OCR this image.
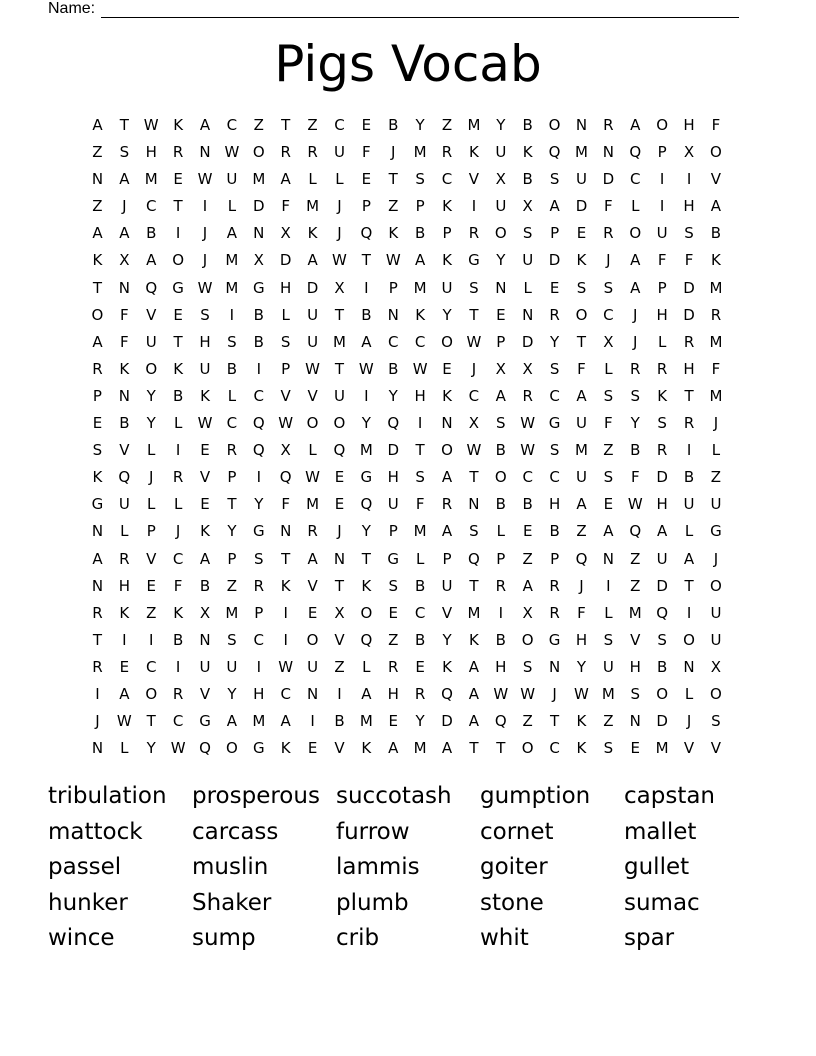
Name:
Pigs Vocab
A	T W K	A	C	Z	T	Z	C	E	B	Y	Z	M	Y	B	O	N	R	A	O	H	F
Z	S	H	R	N W O	R	R	U	F	J	M	R	K	U	K	Q M N	Q	P	X	O
N	A	M	E W U M	A	L	L	E	T	S	C	V	X	B	S	U	D	C	I	I	V
Z	J	C	T	I	L	D	F	M	J	P	Z	P	K	I	U	X	A	D	F	L	I	H	A
A	A	B	I	J	A	N	X	K	J	Q	K	B	P	R	O	S	P	E	R	O	U	S	B
K	X	A	O	J	M	X	D	A W T W A	K	G	Y	U	D	K	J	A	F	F	K
T	N	Q	G W M G	H	D	X	I	P	M U	S	N	L	E	S	S	A	P	D M
O	F	V	E	S	I	B	L	U	T	B	N	K	Y	T	E	N	R	O	C	J	H	D	R
A	F	U	T	H	S	B	S	U M	A	C	C	O W P	D	Y	T	X	J	L	R	M
R	K	O	K	U	B	I	P W T W B W E	J	X	X	S	F	L	R	R	H	F
P	N	Y	B	K	L	C	V	V	U	I	Y	H	K	C	A	R	C	A	S	S	K	T	M
E	B	Y	L	W C	Q W O	O	Y	Q	I	N	X	S W G	U	F	Y	S	R	J
S	V	L	I	E	R	Q	X	L	Q M D	T	O W B W S	M	Z	B	R	I	L
K	Q	J	R	V	P	I	Q W E	G	H	S	A	T	O	C	C	U	S	F	D	B	Z
G	U	L	L	E	T	Y	F	M	E	Q	U	F	R	N	B	B	H	A	E W H	U	U
N	L	P	J	K	Y	G	N	R	J	Y	P	M	A	S	L	E	B	Z	A	Q	A	L	G
A	R	V	C	A	P	S	T	A	N	T	G	L	P	Q	P	Z	P	Q	N	Z	U	A	J
N	H	E	F	B	Z	R	K	V	T	K	S	B	U	T	R	A	R	J	I	Z	D	T	O
R	K	Z	K	X	M	P	I	E	X	O	E	C	V	M	I	X	R	F	L	M Q	I	U
T	I	I	B	N	S	C	I	O	V	Q	Z	B	Y	K	B	O	G	H	S	V	S	O	U
R	E	C	I	U	U	I	W U	Z	L	R	E	K	A	H	S	N	Y	U	H	B	N	X
I	A	O	R	V	Y	H	C	N	I	A	H	R	Q	A W W	J	W M	S	O	L	O
J	W T	C	G	A	M	A	I	B	M	E	Y	D	A	Q	Z	T	K	Z	N	D	J	S
N	L	Y W Q	O	G	K	E	V	K	A	M	A	T	T	O	C	K	S	E	M	V	V
tribulation	prosperous succotash	gumption	capstan
mattock	carcass	furrow	cornet	mallet
passel	muslin	lammis	goiter	gullet
hunker	Shaker	plumb	stone	sumac
wince	sump	crib	whit	spar
